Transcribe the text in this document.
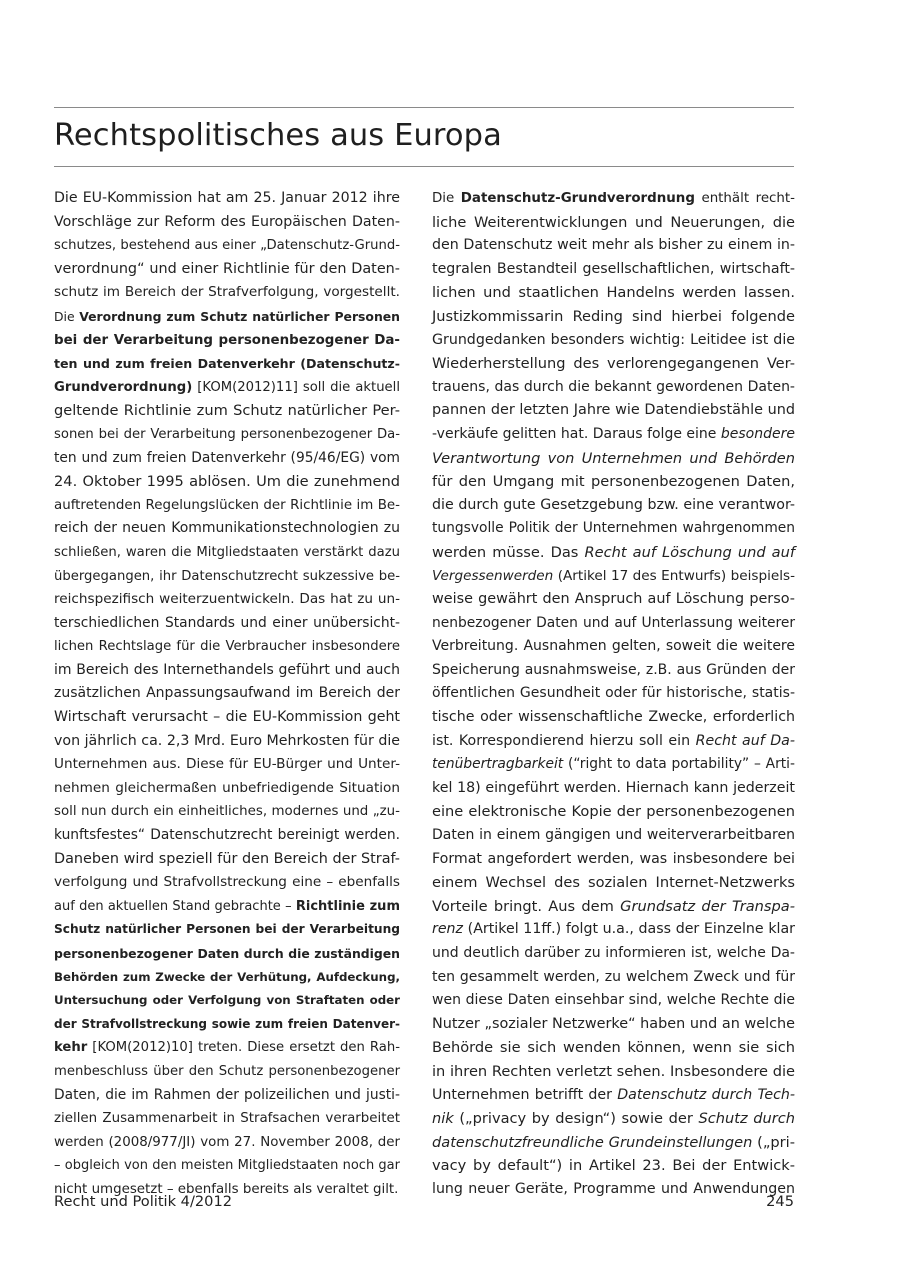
Rechtspolitisches aus Europa
Die EU-Kommission hat am 25. Januar 2012 ihre
Vorschläge zur Reform des Europäischen Daten-
schutzes, bestehend aus einer „Datenschutz-Grund-
verordnung“ und einer Richtlinie für den Daten-
schutz im Bereich der Strafverfolgung, vorgestellt.
Die Verordnung zum Schutz natürlicher Personen
bei der Verarbeitung personenbezogener Da-
ten und zum freien Datenverkehr (Datenschutz-
Grundverordnung) [KOM(2012)11] soll die aktuell
geltende Richtlinie zum Schutz natürlicher Per-
sonen bei der Verarbeitung personenbezogener Da-
ten und zum freien Datenverkehr (95/46/EG) vom
24. Oktober 1995 ablösen. Um die zunehmend
auftretenden Regelungslücken der Richtlinie im Be-
reich der neuen Kommunikationstechnologien zu
schließen, waren die Mitgliedstaaten verstärkt dazu
übergegangen, ihr Datenschutzrecht sukzessive be-
reichspezifisch weiterzuentwickeln. Das hat zu un-
terschiedlichen Standards und einer unübersicht-
lichen Rechtslage für die Verbraucher insbesondere
im Bereich des Internethandels geführt und auch
zusätzlichen Anpassungsaufwand im Bereich der
Wirtschaft verursacht – die EU-Kommission geht
von jährlich ca. 2,3 Mrd. Euro Mehrkosten für die
Unternehmen aus. Diese für EU-Bürger und Unter-
nehmen gleichermaßen unbefriedigende Situation
soll nun durch ein einheitliches, modernes und „zu-
kunftsfestes“ Datenschutzrecht bereinigt werden.
Daneben wird speziell für den Bereich der Straf-
verfolgung und Strafvollstreckung eine – ebenfalls
auf den aktuellen Stand gebrachte – Richtlinie zum
Schutz natürlicher Personen bei der Verarbeitung
personenbezogener Daten durch die zuständigen
Behörden zum Zwecke der Verhütung, Aufdeckung,
Untersuchung oder Verfolgung von Straftaten oder
der Strafvollstreckung sowie zum freien Datenver-
kehr [KOM(2012)10] treten. Diese ersetzt den Rah-
menbeschluss über den Schutz personenbezogener
Daten, die im Rahmen der polizeilichen und justi-
ziellen Zusammenarbeit in Strafsachen verarbeitet
werden (2008/977/JI) vom 27. November 2008, der
– obgleich von den meisten Mitgliedstaaten noch gar
nicht umgesetzt – ebenfalls bereits als veraltet gilt.
Die Datenschutz-Grundverordnung enthält recht-
liche Weiterentwicklungen und Neuerungen, die
den Datenschutz weit mehr als bisher zu einem in-
tegralen Bestandteil gesellschaftlichen, wirtschaft-
lichen und staatlichen Handelns werden lassen.
Justizkommissarin Reding sind hierbei folgende
Grundgedanken besonders wichtig: Leitidee ist die
Wiederherstellung des verlorengegangenen Ver-
trauens, das durch die bekannt gewordenen Daten-
pannen der letzten Jahre wie Datendiebstähle und
-verkäufe gelitten hat. Daraus folge eine besondere
Verantwortung von Unternehmen und Behörden
für den Umgang mit personenbezogenen Daten,
die durch gute Gesetzgebung bzw. eine verantwor-
tungsvolle Politik der Unternehmen wahrgenommen
werden müsse. Das Recht auf Löschung und auf
Vergessenwerden (Artikel 17 des Entwurfs) beispiels-
weise gewährt den Anspruch auf Löschung perso-
nenbezogener Daten und auf Unterlassung weiterer
Verbreitung. Ausnahmen gelten, soweit die weitere
Speicherung ausnahmsweise, z.B. aus Gründen der
öffentlichen Gesundheit oder für historische, statis-
tische oder wissenschaftliche Zwecke, erforderlich
ist. Korrespondierend hierzu soll ein Recht auf Da-
tenübertragbarkeit (“right to data portability” – Arti-
kel 18) eingeführt werden. Hiernach kann jederzeit
eine elektronische Kopie der personenbezogenen
Daten in einem gängigen und weiterverarbeitbaren
Format angefordert werden, was insbesondere bei
einem Wechsel des sozialen Internet-Netzwerks
Vorteile bringt. Aus dem Grundsatz der Transpa-
renz (Artikel 11ff.) folgt u.a., dass der Einzelne klar
und deutlich darüber zu informieren ist, welche Da-
ten gesammelt werden, zu welchem Zweck und für
wen diese Daten einsehbar sind, welche Rechte die
Nutzer „sozialer Netzwerke“ haben und an welche
Behörde sie sich wenden können, wenn sie sich
in ihren Rechten verletzt sehen. Insbesondere die
Unternehmen betrifft der Datenschutz durch Tech-
nik („privacy by design“) sowie der Schutz durch
datenschutzfreundliche Grundeinstellungen („pri-
vacy by default“) in Artikel 23. Bei der Entwick-
lung neuer Geräte, Programme und Anwendungen
Recht und Politik 4/2012	245
